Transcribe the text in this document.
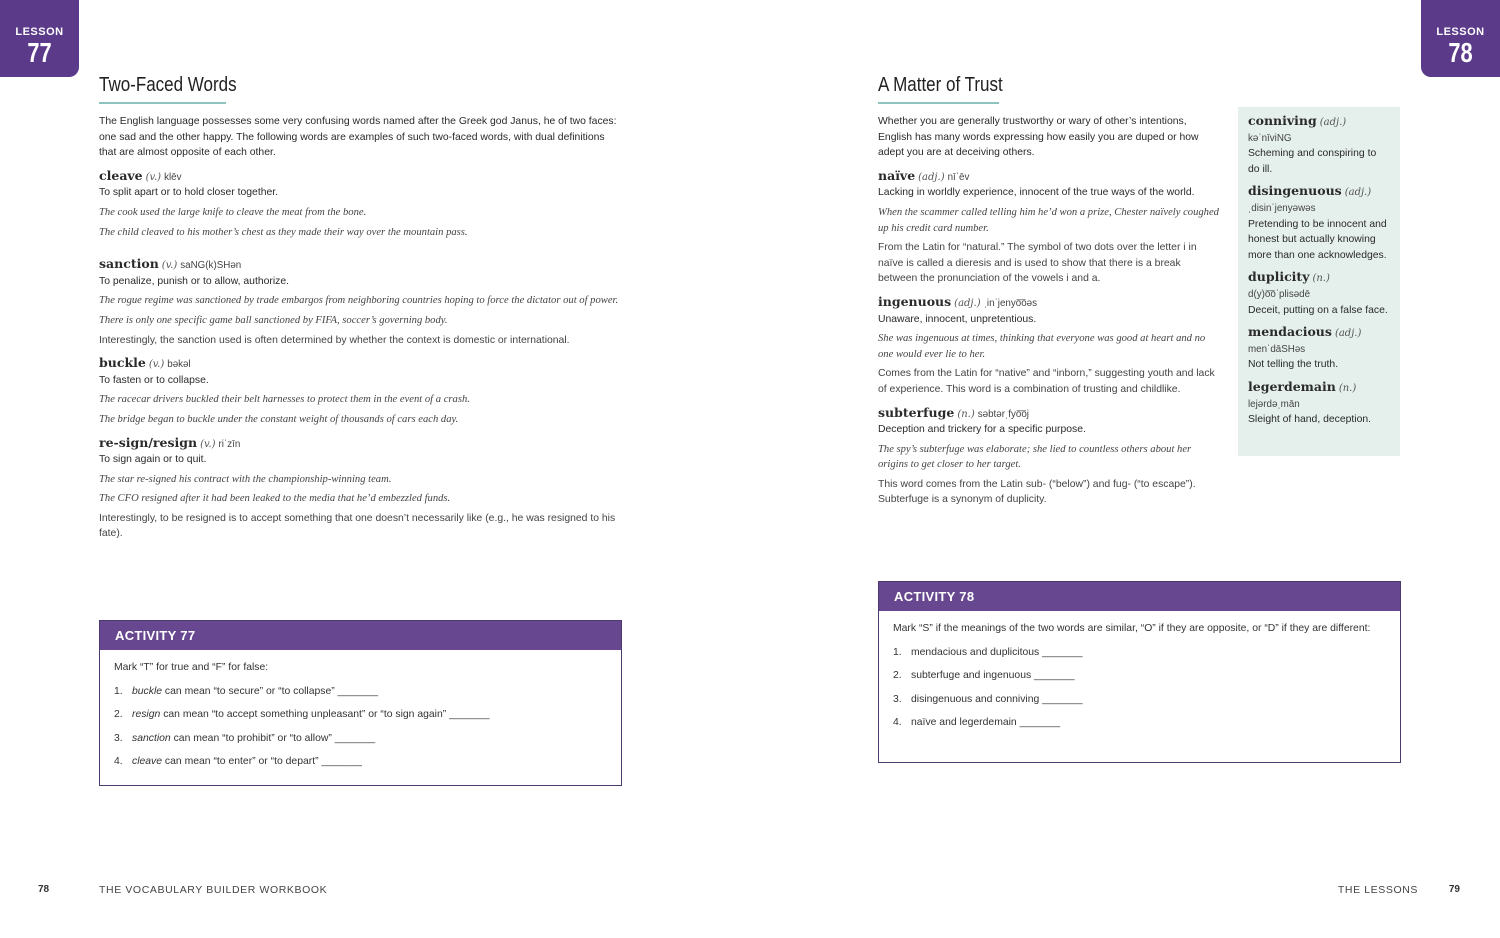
LESSON
77
Two-Faced Words

The English language possesses some very confusing words named after the Greek god Janus, he of two faces: one sad and the other happy. The following words are examples of such two-faced words, with dual definitions that are almost opposite of each other.

cleave (v.) klēv

To split apart or to hold closer together.

The cook used the large knife to cleave the meat from the bone.

The child cleaved to his mother’s chest as they made their way over the mountain pass.

sanction (v.) saNG(k)SHən

To penalize, punish or to allow, authorize.

The rogue regime was sanctioned by trade embargos from neighboring countries hoping to force the dictator out of power.

There is only one specific game ball sanctioned by FIFA, soccer’s governing body.

Interestingly, the sanction used is often determined by whether the context is domestic or international.

buckle (v.) bəkəl

To fasten or to collapse.

The racecar drivers buckled their belt harnesses to protect them in the event of a crash.

The bridge began to buckle under the constant weight of thousands of cars each day.

re-sign/resign (v.) riˈzīn

To sign again or to quit.

The star re-signed his contract with the championship-winning team.

The CFO resigned after it had been leaked to the media that he’d embezzled funds.

Interestingly, to be resigned is to accept something that one doesn’t necessarily like (e.g., he was resigned to his fate).

ACTIVITY 77

Mark “T” for true and “F” for false:

1. buckle can mean “to secure” or “to collapse” _______

2. resign can mean “to accept something unpleasant” or “to sign again” _______

3. sanction can mean “to prohibit” or “to allow” _______

4. cleave can mean “to enter” or “to depart” _______

78	THE VOCABULARY BUILDER WORKBOOK
LESSON
78
A Matter of Trust

Whether you are generally trustworthy or wary of other’s intentions, English has many words expressing how easily you are duped or how adept you are at deceiving others.

naïve (adj.) nīˈēv

Lacking in worldly experience, innocent of the true ways of the world.

When the scammer called telling him he’d won a prize, Chester naïvely coughed up his credit card number.

From the Latin for “natural.” The symbol of two dots over the letter i in naïve is called a dieresis and is used to show that there is a break between the pronunciation of the vowels i and a.

ingenuous (adj.) ˌinˈjenyo͞oəs

Unaware, innocent, unpretentious.

She was ingenuous at times, thinking that everyone was good at heart and no one would ever lie to her.

Comes from the Latin for “native” and “inborn,” suggesting youth and lack of experience. This word is a combination of trusting and childlike.

subterfuge (n.) səbtərˌfyo͞oj

Deception and trickery for a specific purpose.

The spy’s subterfuge was elaborate; she lied to countless others about her origins to get closer to her target.

This word comes from the Latin sub- (“below”) and fug- (“to escape”). Subterfuge is a synonym of duplicity.

ACTIVITY 78

Mark “S” if the meanings of the two words are similar, “O” if they are opposite, or “D” if they are different:

1. mendacious and duplicitous _______

2. subterfuge and ingenuous _______

3. disingenuous and conniving _______

4. naïve and legerdemain _______

THE LESSONS	79
conniving (adj.)
kəˈnīviNG

Scheming and conspiring to do ill.

disingenuous (adj.)
ˌdisinˈjenyəwəs

Pretending to be innocent and honest but actually knowing more than one acknowledges.

duplicity (n.)
d(y)o͞oˈplisədē

Deceit, putting on a false face.

mendacious (adj.)
menˈdāSHəs

Not telling the truth.

legerdemain (n.)
lejərdəˌmān

Sleight of hand, deception.
